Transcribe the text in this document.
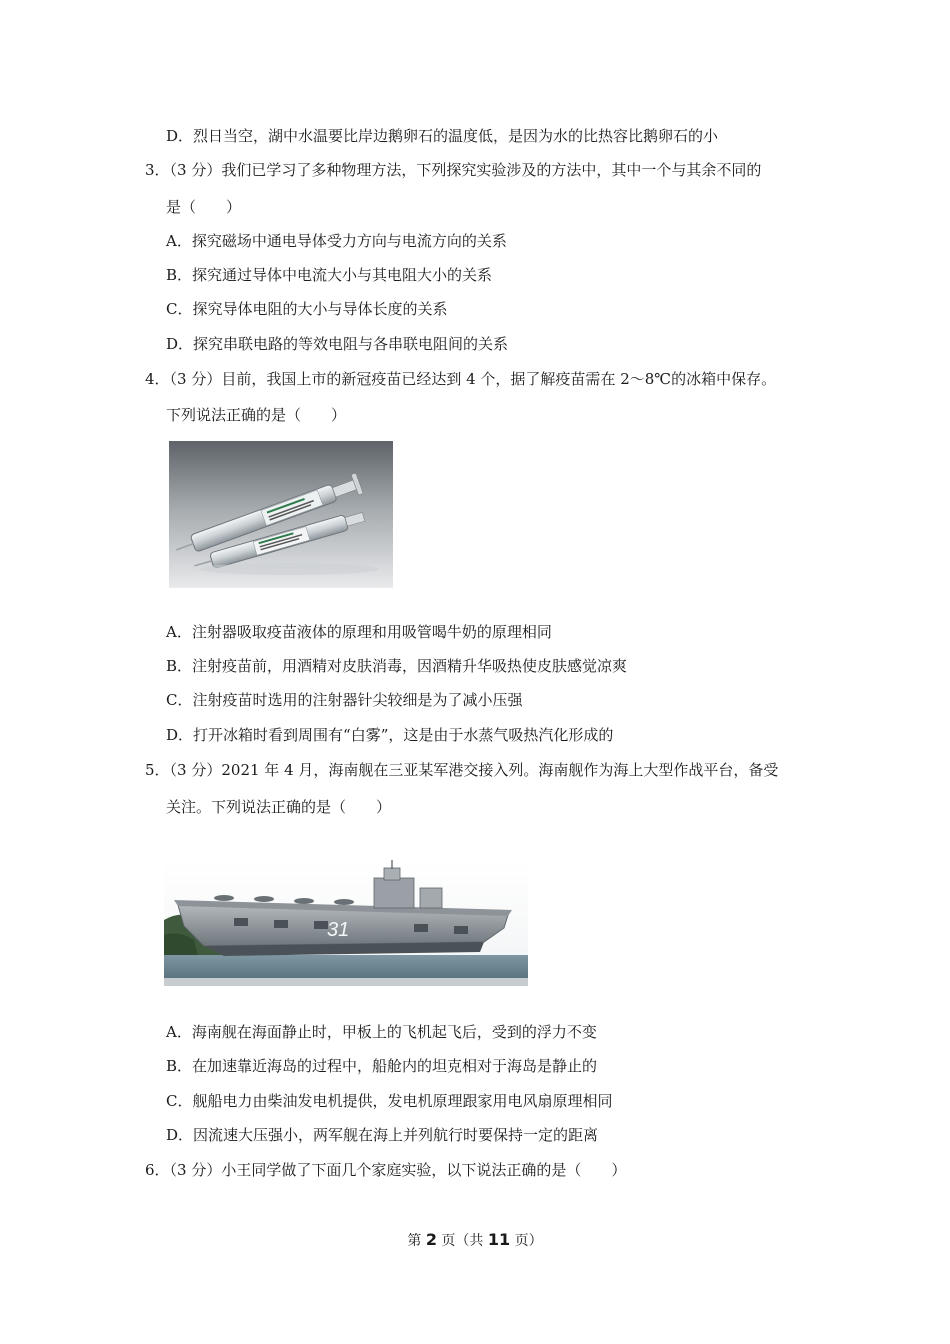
D．烈日当空，湖中水温要比岸边鹅卵石的温度低，是因为水的比热容比鹅卵石的小
3．（3 分）我们已学习了多种物理方法，下列探究实验涉及的方法中，其中一个与其余不同的
是（　　）
A．探究磁场中通电导体受力方向与电流方向的关系
B．探究通过导体中电流大小与其电阻大小的关系
C．探究导体电阻的大小与导体长度的关系
D．探究串联电路的等效电阻与各串联电阻间的关系
4．（3 分）目前，我国上市的新冠疫苗已经达到 4 个，据了解疫苗需在 2～8℃的冰箱中保存。
下列说法正确的是（　　）
A．注射器吸取疫苗液体的原理和用吸管喝牛奶的原理相同
B．注射疫苗前，用酒精对皮肤消毒，因酒精升华吸热使皮肤感觉凉爽
C．注射疫苗时选用的注射器针尖较细是为了减小压强
D．打开冰箱时看到周围有“白雾”，这是由于水蒸气吸热汽化形成的
5．（3 分）2021 年 4 月，海南舰在三亚某军港交接入列。海南舰作为海上大型作战平台，备受
关注。下列说法正确的是（　　）
31
A．海南舰在海面静止时，甲板上的飞机起飞后，受到的浮力不变
B．在加速靠近海岛的过程中，船舱内的坦克相对于海岛是静止的
C．舰船电力由柴油发电机提供，发电机原理跟家用电风扇原理相同
D．因流速大压强小，两军舰在海上并列航行时要保持一定的距离
6．（3 分）小王同学做了下面几个家庭实验，以下说法正确的是（　　）
第 2 页（共 11 页）
